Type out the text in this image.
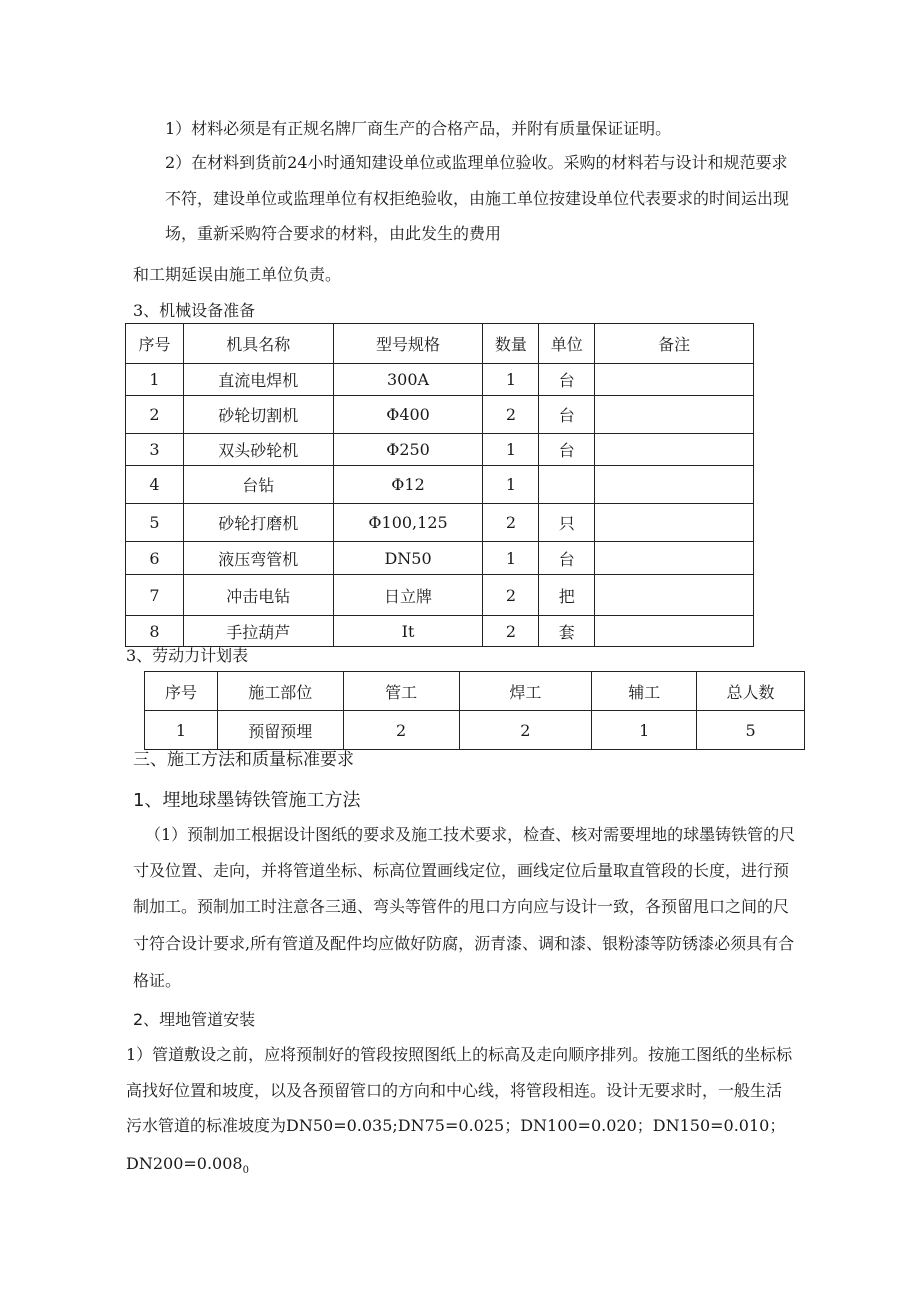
1）材料必须是有正规名牌厂商生产的合格产品，并附有质量保证证明。
2）在材料到货前24小时通知建设单位或监理单位验收。采购的材料若与设计和规范要求
不符，建设单位或监理单位有权拒绝验收，由施工单位按建设单位代表要求的时间运出现
场，重新采购符合要求的材料，由此发生的费用
和工期延误由施工单位负责。
3、机械设备准备
序号	机具名称	型号规格	数量	单位	备注
1	直流电焊机	300A	1	台	
2	砂轮切割机	Φ400	2	台	
3	双头砂轮机	Φ250	1	台	
4	台钻	Φ12	1		
5	砂轮打磨机	Φ100,125	2	只	
6	液压弯管机	DN50	1	台	
7	冲击电钻	日立牌	2	把	
8	手拉葫芦	It	2	套	
3、劳动力计划表
序号	施工部位	管工	焊工	辅工	总人数
1	预留预埋	2	2	1	5
三、施工方法和质量标准要求
1、埋地球墨铸铁管施工方法
（1）预制加工根据设计图纸的要求及施工技术要求，检查、核对需要埋地的球墨铸铁管的尺
寸及位置、走向，并将管道坐标、标高位置画线定位，画线定位后量取直管段的长度，进行预
制加工。预制加工时注意各三通、弯头等管件的甩口方向应与设计一致，各预留甩口之间的尺
寸符合设计要求,所有管道及配件均应做好防腐，沥青漆、调和漆、银粉漆等防锈漆必须具有合
格证。
2、埋地管道安装
1）管道敷设之前，应将预制好的管段按照图纸上的标高及走向顺序排列。按施工图纸的坐标标
高找好位置和坡度，以及各预留管口的方向和中心线，将管段相连。设计无要求时，一般生活
污水管道的标准坡度为DN50=0.035;DN75=0.025；DN100=0.020；DN150=0.010；
$DN200=0.008_0$
